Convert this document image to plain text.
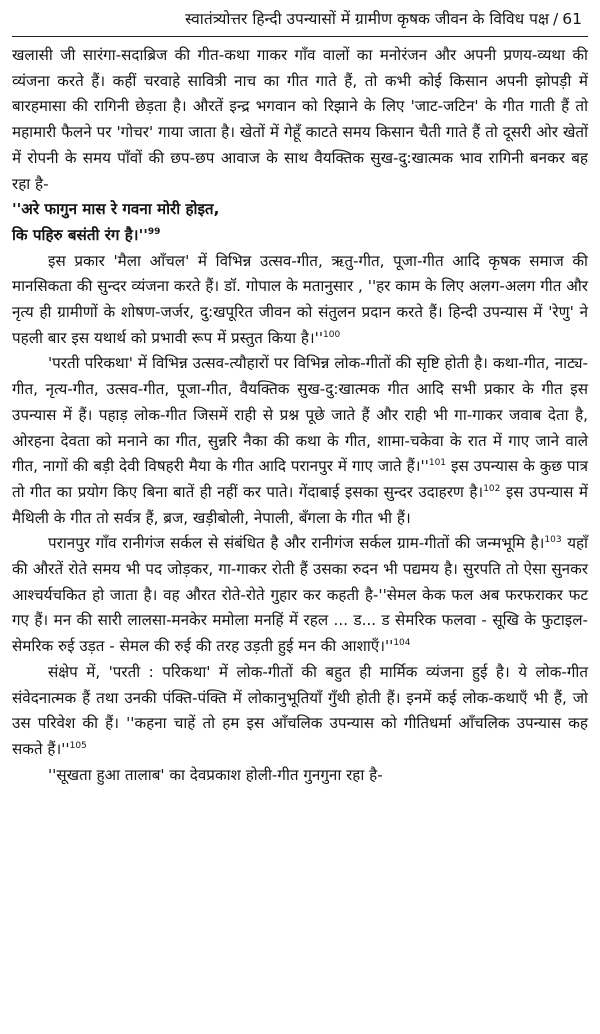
स्वातंत्र्योत्तर हिन्दी उपन्यासों में ग्रामीण कृषक जीवन के विविध पक्ष / 61

खलासी जी सारंगा-सदाब्रिज की गीत-कथा गाकर गाँव वालों का मनोरंजन और अपनी प्रणय-व्यथा की व्यंजना करते हैं। कहीं चरवाहे सावित्री नाच का गीत गाते हैं, तो कभी कोई किसान अपनी झोपड़ी में बारहमासा की रागिनी छेड़ता है। औरतें इन्द्र भगवान को रिझाने के लिए 'जाट-जटिन' के गीत गाती हैं तो महामारी फैलने पर 'गोचर' गाया जाता है। खेतों में गेहूँ काटते समय किसान चैती गाते हैं तो दूसरी ओर खेतों में रोपनी के समय पाँवों की छप-छप आवाज के साथ वैयक्तिक सुख-दु:खात्मक भाव रागिनी बनकर बह रहा है-

''अरे फागुन मास रे गवना मोरी होइत,
कि पहिरु बसंती रंग $है।''^{99}$

इस प्रकार 'मैला आँचल' में विभिन्न उत्सव-गीत, ऋतु-गीत, पूजा-गीत आदि कृषक समाज की मानसिकता की सुन्दर व्यंजना करते हैं। डॉ. गोपाल के मतानुसार , ''हर काम के लिए अलग-अलग गीत और नृत्य ही ग्रामीणों के शोषण-जर्जर, दु:खपूरित जीवन को संतुलन प्रदान करते हैं। हिन्दी उपन्यास में 'रेणु' ने पहली बार इस यथार्थ को प्रभावी रूप में प्रस्तुत किया $है।''^{100}$

'परती परिकथा' में विभिन्न उत्सव-त्यौहारों पर विभिन्न लोक-गीतों की सृष्टि होती है। कथा-गीत, नाट्य-गीत, नृत्य-गीत, उत्सव-गीत, पूजा-गीत, वैयक्तिक सुख-दु:खात्मक गीत आदि सभी प्रकार के गीत इस उपन्यास में हैं। पहाड़ लोक-गीत जिसमें राही से प्रश्न पूछे जाते हैं और राही भी गा-गाकर जवाब देता है, ओरहना देवता को मनाने का गीत, सुन्नरि नैका की कथा के गीत, शामा-चकेवा के रात में गाए जाने वाले गीत, नागों की बड़ी देवी विषहरी मैया के गीत आदि परानपुर में गाए जाते $हैं।''^{101}$ इस उपन्यास के कुछ पात्र तो गीत का प्रयोग किए बिना बातें ही नहीं कर पाते। गेंदाबाई इसका सुन्दर उदाहरण है।$^{102}$ इस उपन्यास में मैथिली के गीत तो सर्वत्र हैं, ब्रज, खड़ीबोली, नेपाली, बँगला के गीत भी हैं।

परानपुर गाँव रानीगंज सर्कल से संबंधित है और रानीगंज सर्कल ग्राम-गीतों की जन्मभूमि है।$^{103}$ यहाँ की औरतें रोते समय भी पद जोड़कर, गा-गाकर रोती हैं उसका रुदन भी पद्यमय है। सुरपति तो ऐसा सुनकर आश्चर्यचकित हो जाता है। वह औरत रोते-रोते गुहार कर कहती है-''सेमल केक फल अब फरफराकर फट गए हैं। मन की सारी लालसा-मनकेर ममोला मनहिं में रहल ... ड... ड सेमरिक फलवा - सूखि के फुटाइल-सेमरिक रुई उड़त - सेमल की रुई की तरह उड़ती हुई मन की $आशाएँ।''^{104}$

संक्षेप में, 'परती : परिकथा' में लोक-गीतों की बहुत ही मार्मिक व्यंजना हुई है। ये लोक-गीत संवेदनात्मक हैं तथा उनकी पंक्ति-पंक्ति में लोकानुभूतियाँ गुँथी होती हैं। इनमें कई लोक-कथाएँ भी हैं, जो उस परिवेश की हैं। ''कहना चाहें तो हम इस आँचलिक उपन्यास को गीतिधर्मा आँचलिक उपन्यास कह सकते $हैं।''^{105}$

''सूखता हुआ तालाब' का देवप्रकाश होली-गीत गुनगुना रहा है-
